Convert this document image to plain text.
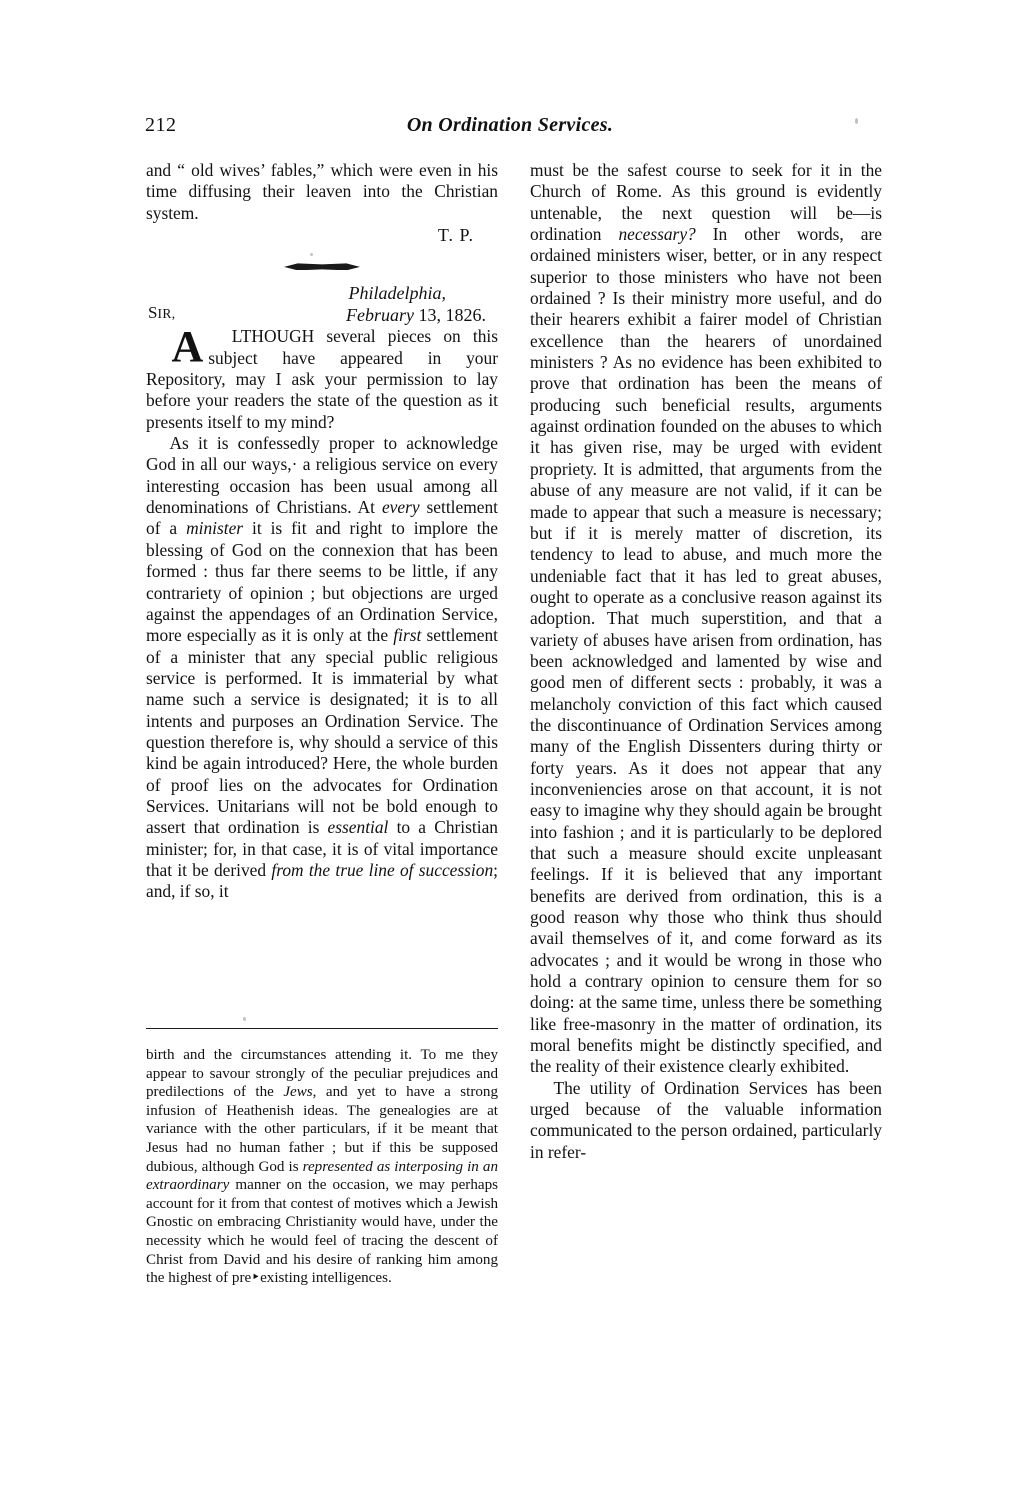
212	On Ordination Services.

and “ old wives’ fables,” which were even in his time diffusing their leaven into the Christian system.

T. P.
Philadelphia,
February 13, 1826.
SIR,

A LTHOUGH several pieces on this subject have appeared in your Repository, may I ask your permission to lay before your readers the state of the question as it presents itself to my mind?

As it is confessedly proper to acknowledge God in all our ways,· a religious service on every interesting occasion has been usual among all denominations of Christians. At every settlement of a minister it is fit and right to implore the blessing of God on the connexion that has been formed : thus far there seems to be little, if any contrariety of opinion ; but objections are urged against the appendages of an Ordination Service, more especially as it is only at the first settlement of a minister that any special public religious service is performed. It is immaterial by what name such a service is designated; it is to all intents and purposes an Ordination Service. The question therefore is, why should a service of this kind be again introduced? Here, the whole burden of proof lies on the advocates for Ordination Services. Unitarians will not be bold enough to assert that ordination is essential to a Christian minister; for, in that case, it is of vital importance that it be derived from the true line of succession; and, if so, it

birth and the circumstances attending it. To me they appear to savour strongly of the peculiar prejudices and predilections of the Jews, and yet to have a strong infusion of Heathenish ideas. The genealogies are at variance with the other particulars, if it be meant that Jesus had no human father ; but if this be supposed dubious, although God is represented as interposing in an extraordinary manner on the occasion, we may perhaps account for it from that contest of motives which a Jewish Gnostic on embracing Christianity would have, under the necessity which he would feel of tracing the descent of Christ from David and his desire of ranking him among the highest of pre‣existing intelligences.

must be the safest course to seek for it in the Church of Rome. As this ground is evidently untenable, the next question will be—is ordination necessary? In other words, are ordained ministers wiser, better, or in any respect superior to those ministers who have not been ordained ? Is their ministry more useful, and do their hearers exhibit a fairer model of Christian excellence than the hearers of unordained ministers ? As no evidence has been exhibited to prove that ordination has been the means of producing such beneficial results, arguments against ordination founded on the abuses to which it has given rise, may be urged with evident propriety. It is admitted, that arguments from the abuse of any measure are not valid, if it can be made to appear that such a measure is necessary; but if it is merely matter of discretion, its tendency to lead to abuse, and much more the undeniable fact that it has led to great abuses, ought to operate as a conclusive reason against its adoption. That much superstition, and that a variety of abuses have arisen from ordination, has been acknowledged and lamented by wise and good men of different sects : probably, it was a melancholy conviction of this fact which caused the discontinuance of Ordination Services among many of the English Dissenters during thirty or forty years. As it does not appear that any inconveniencies arose on that account, it is not easy to imagine why they should again be brought into fashion ; and it is particularly to be deplored that such a measure should excite unpleasant feelings. If it is believed that any important benefits are derived from ordination, this is a good reason why those who think thus should avail themselves of it, and come forward as its advocates ; and it would be wrong in those who hold a contrary opinion to censure them for so doing: at the same time, unless there be something like free-masonry in the matter of ordination, its moral benefits might be distinctly specified, and the reality of their existence clearly exhibited.

The utility of Ordination Services has been urged because of the valuable information communicated to the person ordained, particularly in refer-
